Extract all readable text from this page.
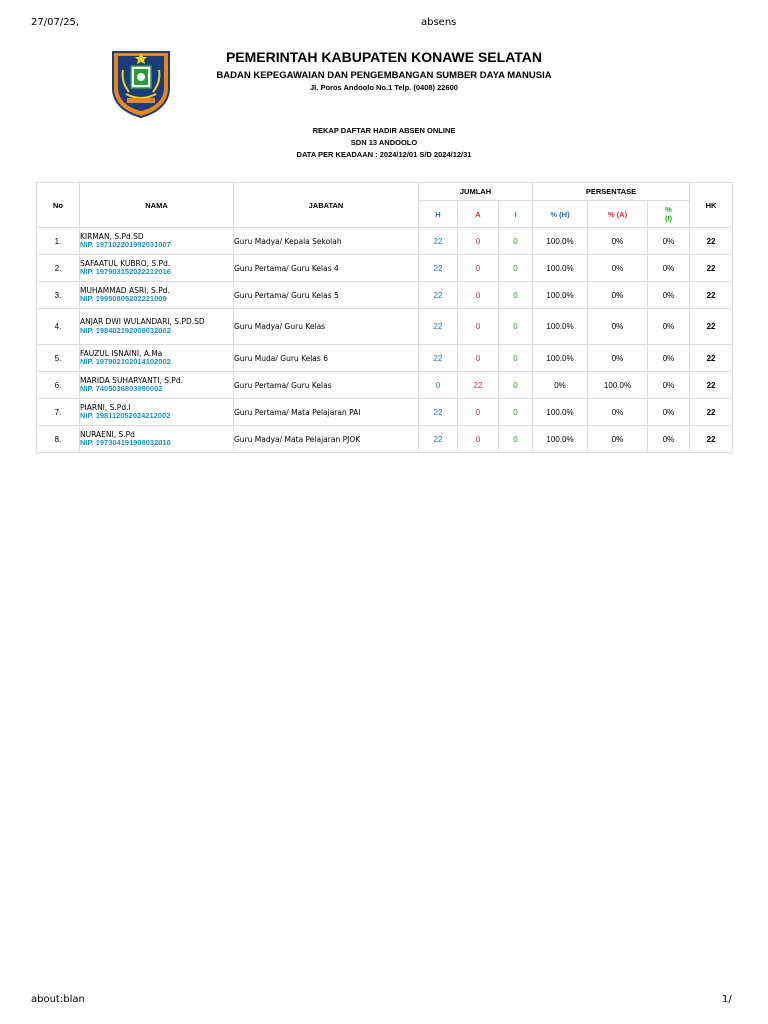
27/07/25,	absens
PEMERINTAH KABUPATEN KONAWE SELATAN
BADAN KEPEGAWAIAN DAN PENGEMBANGAN SUMBER DAYA MANUSIA
Jl. Poros Andoolo No.1 Telp. (0408) 22600
REKAP DAFTAR HADIR ABSEN ONLINE
SDN 13 ANDOOLO
DATA PER KEADAAN : 2024/12/01 S/D 2024/12/31
No	NAMA	JABATAN	JUMLAH			PERSENTASE			HK
			H	A	I	% (H)	% (A)	%
(I)	
1.	KIRMAN, S.Pd.SD
NIP. 197102201992031007	Guru Madya/ Kepala Sekolah	22	0	0	100.0%	0%	0%	22
2.	SAFAATUL KUBRO, S.Pd.
NIP. 197903152022212016	Guru Pertama/ Guru Kelas 4	22	0	0	100.0%	0%	0%	22
3.	MUHAMMAD ASRI, S.Pd.
NIP. 19950805202221009	Guru Pertama/ Guru Kelas 5	22	0	0	100.0%	0%	0%	22
4.	ANJAR DWI WULANDARI, S.PD.SD
NIP. 198402192009032002	Guru Madya/ Guru Kelas	22	0	0	100.0%	0%	0%	22
5.	FAUZUL ISNAINI, A.Ma
NIP. 197902102014102002	Guru Muda/ Guru Kelas 6	22	0	0	100.0%	0%	0%	22
6.	MARIDA SUHARYANTI, S.Pd.
NIP. 7405036803990002	Guru Pertama/ Guru Kelas	0	22	0	0%	100.0%	0%	22
7.	PIARNI, S.Pd.I
NIP. 198112052024212002	Guru Pertama/ Mata Pelajaran PAI	22	0	0	100.0%	0%	0%	22
8.	NURAENI, S.Pd
NIP. 197304191998032010	Guru Madya/ Mata Pelajaran PJOK	22	0	0	100.0%	0%	0%	22
about:blan	1/
